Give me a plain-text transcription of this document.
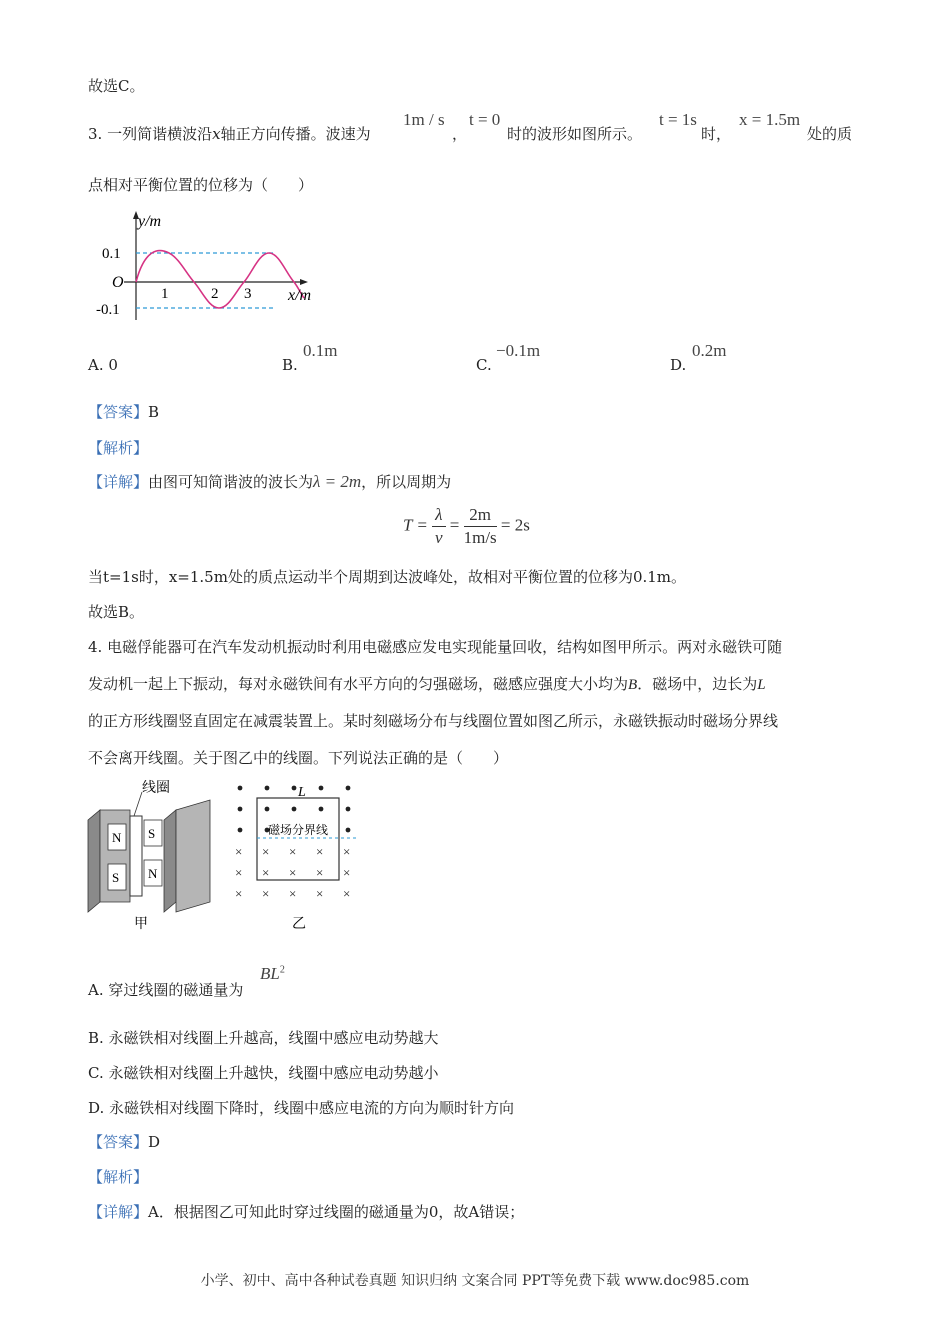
故选C。
3. 一列简谐横波沿x轴正方向传播。波速为
1m / s
，
t = 0
时的波形如图所示。
t = 1s
时，
x = 1.5m
处的质
点相对平衡位置的位移为（　　）
y/m
x/m
O
0.1
-0.1
1	2 3
A. 0	B.
0.1m
C.
−0.1m
D.
0.2m
【答案】B
【解析】
【详解】由图可知简谐波的波长为λ = 2m，所以周期为
$T = \frac{\lambda}{v} = \frac{2m}{1m/s} = 2s$
当t=1s时，x=1.5m处的质点运动半个周期到达波峰处，故相对平衡位置的位移为0.1m。
故选B。
4. 电磁俘能器可在汽车发动机振动时利用电磁感应发电实现能量回收，结构如图甲所示。两对永磁铁可随
发动机一起上下振动，每对永磁铁间有水平方向的匀强磁场，磁感应强度大小均为B．磁场中，边长为L
的正方形线圈竖直固定在减震装置上。某时刻磁场分布与线圈位置如图乙所示，永磁铁振动时磁场分界线
不会离开线圈。关于图乙中的线圈。下列说法正确的是（　　）
线圈
N
S
S
N
甲
× × × × ×
× × × × ×
× × × × ×
L
磁场分界线
乙
A. 穿过线圈的磁通量为
$BL^2$
B. 永磁铁相对线圈上升越高，线圈中感应电动势越大
C. 永磁铁相对线圈上升越快，线圈中感应电动势越小
D. 永磁铁相对线圈下降时，线圈中感应电流的方向为顺时针方向
【答案】D
【解析】
【详解】A．根据图乙可知此时穿过线圈的磁通量为0，故A错误；
小学、初中、高中各种试卷真题 知识归纳 文案合同 PPT等免费下载 www.doc985.com
